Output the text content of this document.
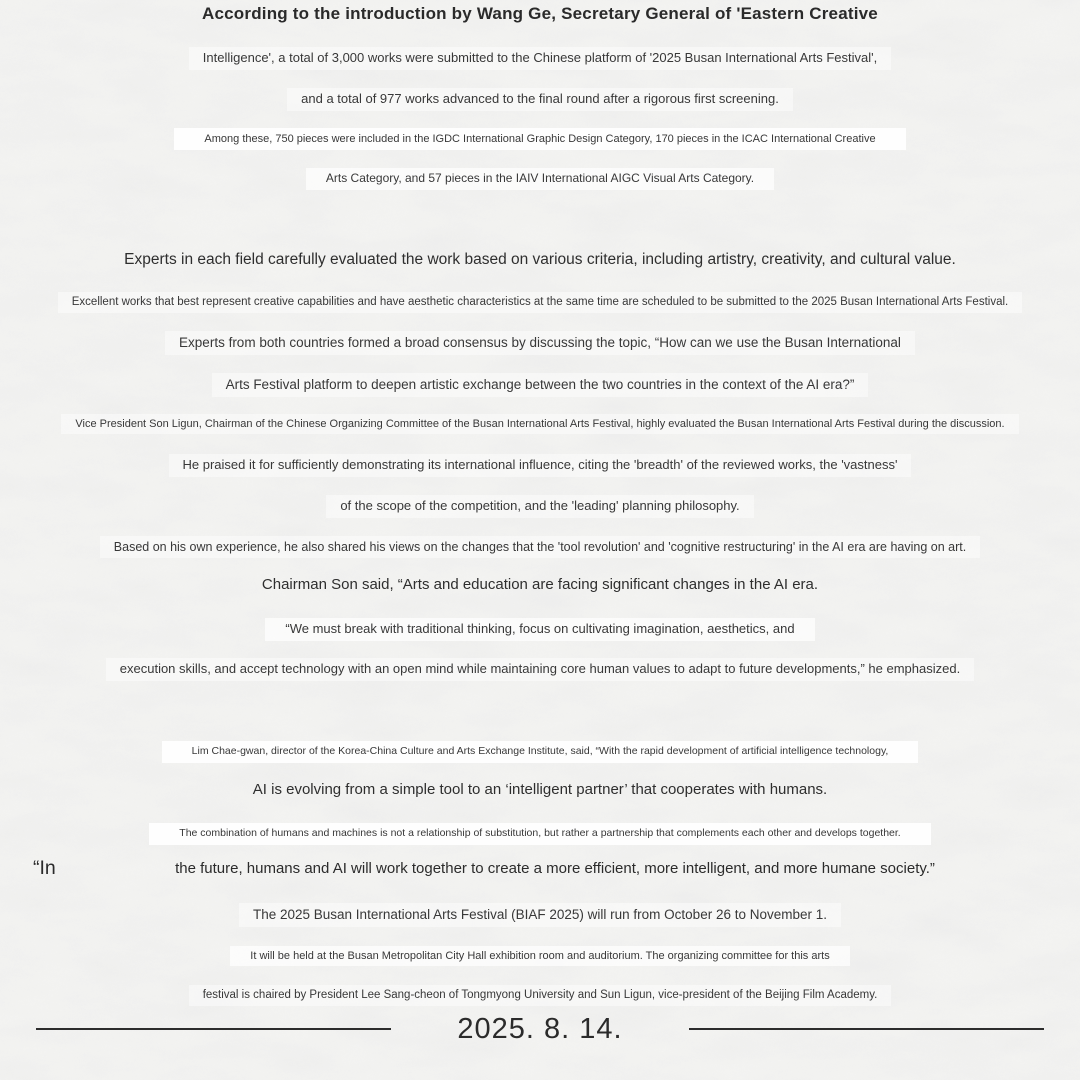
According to the introduction by Wang Ge, Secretary General of 'Eastern Creative
Intelligence', a total of 3,000 works were submitted to the Chinese platform of '2025 Busan International Arts Festival',
and a total of 977 works advanced to the final round after a rigorous first screening.
Among these, 750 pieces were included in the IGDC International Graphic Design Category, 170 pieces in the ICAC International Creative
Arts Category, and 57 pieces in the IAIV International AIGC Visual Arts Category.
Experts in each field carefully evaluated the work based on various criteria, including artistry, creativity, and cultural value.
Excellent works that best represent creative capabilities and have aesthetic characteristics at the same time are scheduled to be submitted to the 2025 Busan International Arts Festival.
Experts from both countries formed a broad consensus by discussing the topic, “How can we use the Busan International
Arts Festival platform to deepen artistic exchange between the two countries in the context of the AI era?”
Vice President Son Ligun, Chairman of the Chinese Organizing Committee of the Busan International Arts Festival, highly evaluated the Busan International Arts Festival during the discussion.
He praised it for sufficiently demonstrating its international influence, citing the 'breadth' of the reviewed works, the 'vastness'
of the scope of the competition, and the 'leading' planning philosophy.
Based on his own experience, he also shared his views on the changes that the 'tool revolution' and 'cognitive restructuring' in the AI era are having on art.
Chairman Son said, “Arts and education are facing significant changes in the AI era.
“We must break with traditional thinking, focus on cultivating imagination, aesthetics, and
execution skills, and accept technology with an open mind while maintaining core human values to adapt to future developments,” he emphasized.
Lim Chae-gwan, director of the Korea-China Culture and Arts Exchange Institute, said, “With the rapid development of artificial intelligence technology,
AI is evolving from a simple tool to an ‘intelligent partner’ that cooperates with humans.
The combination of humans and machines is not a relationship of substitution, but rather a partnership that complements each other and develops together.
“In	the future, humans and AI will work together to create a more efficient, more intelligent, and more humane society.”
The 2025 Busan International Arts Festival (BIAF 2025) will run from October 26 to November 1.
It will be held at the Busan Metropolitan City Hall exhibition room and auditorium. The organizing committee for this arts
festival is chaired by President Lee Sang-cheon of Tongmyong University and Sun Ligun, vice-president of the Beijing Film Academy.
2025. 8. 14.
